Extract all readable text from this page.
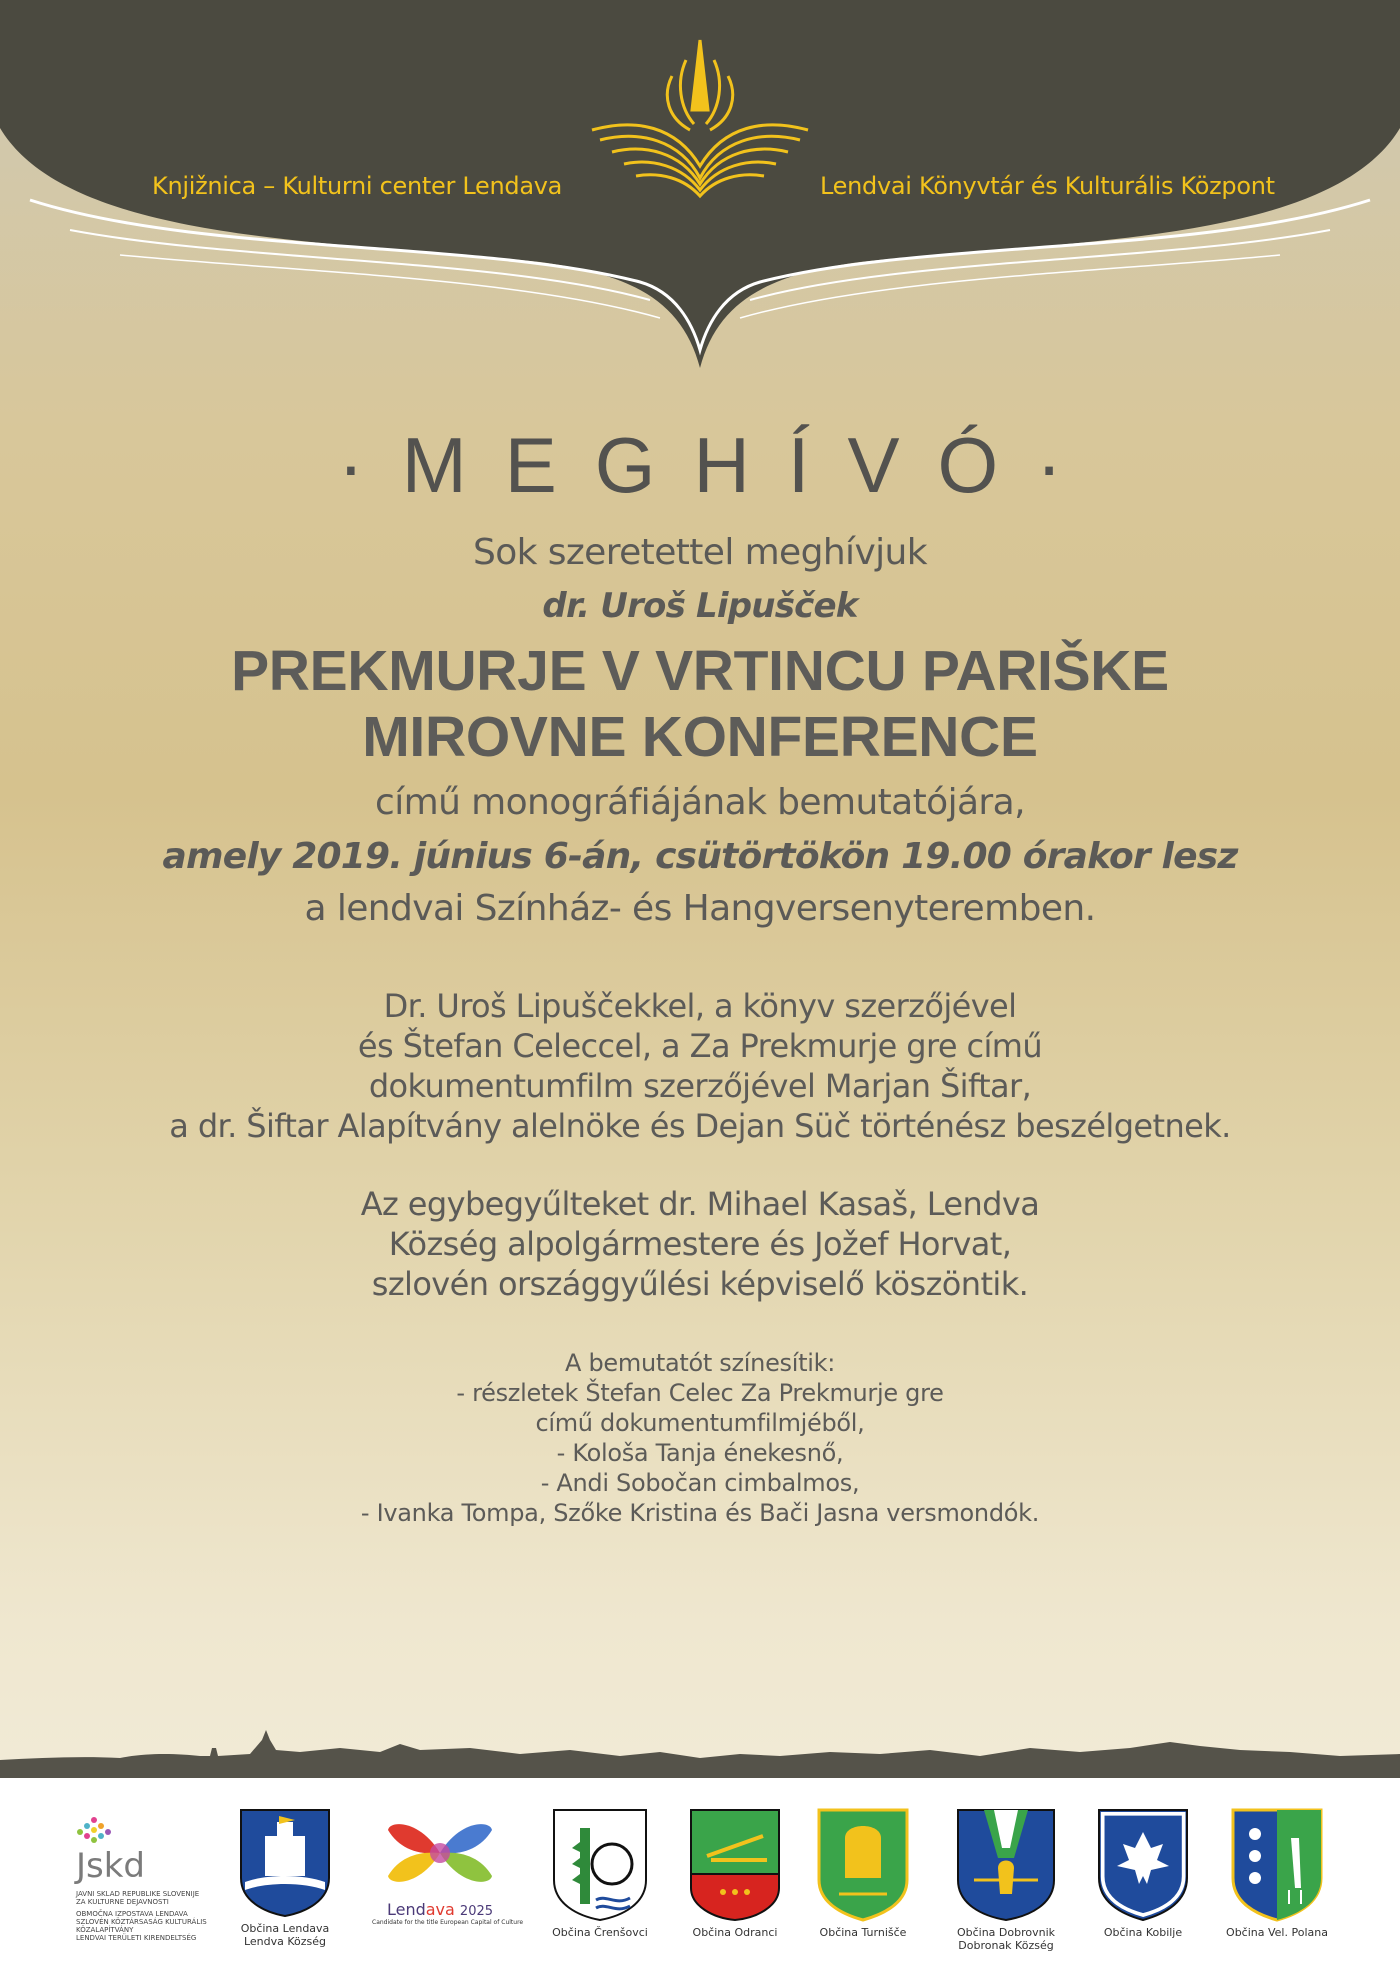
Knjižnica – Kulturni center Lendava	Lendvai Könyvtár és Kulturális Központ
·MEGHÍVÓ·
Sok szeretettel meghívjuk
dr. Uroš Lipušček
PREKMURJE V VRTINCU PARIŠKE
MIROVNE KONFERENCE
című monográfiájának bemutatójára,
amely 2019. június 6-án, csütörtökön 19.00 órakor lesz
a lendvai Színház- és Hangversenyteremben.
Dr. Uroš Lipuščekkel, a könyv szerzőjével
és Štefan Celeccel, a Za Prekmurje gre című
dokumentumfilm szerzőjével Marjan Šiftar,
a dr. Šiftar Alapítvány alelnöke és Dejan Süč történész beszélgetnek.
Az egybegyűlteket dr. Mihael Kasaš, Lendva
Község alpolgármestere és Jožef Horvat,
szlovén országgyűlési képviselő köszöntik.
A bemutatót színesítik:
- részletek Štefan Celec Za Prekmurje gre
című dokumentumfilmjéből,
- Kološa Tanja énekesnő,
- Andi Sobočan cimbalmos,
- Ivanka Tompa, Szőke Kristina és Bači Jasna versmondók.
Jskd
JAVNI SKLAD REPUBLIKE SLOVENIJE
ZA KULTURNE DEJAVNOSTI
OBMOČNA IZPOSTAVA LENDAVA
SZLOVÉN KÖZTÁRSASÁG KULTURÁLIS
KÖZALAPÍTVÁNY
LENDVAI TERÜLETI KIRENDELTSÉG
Občina Lendava
Lendva Község
Lendava 2025
Candidate for the title European Capital of Culture
Občina Črenšovci	Občina Odranci	Občina Turnišče	Občina Dobrovnik
Dobronak Község
Občina Kobilje	Občina Vel. Polana
